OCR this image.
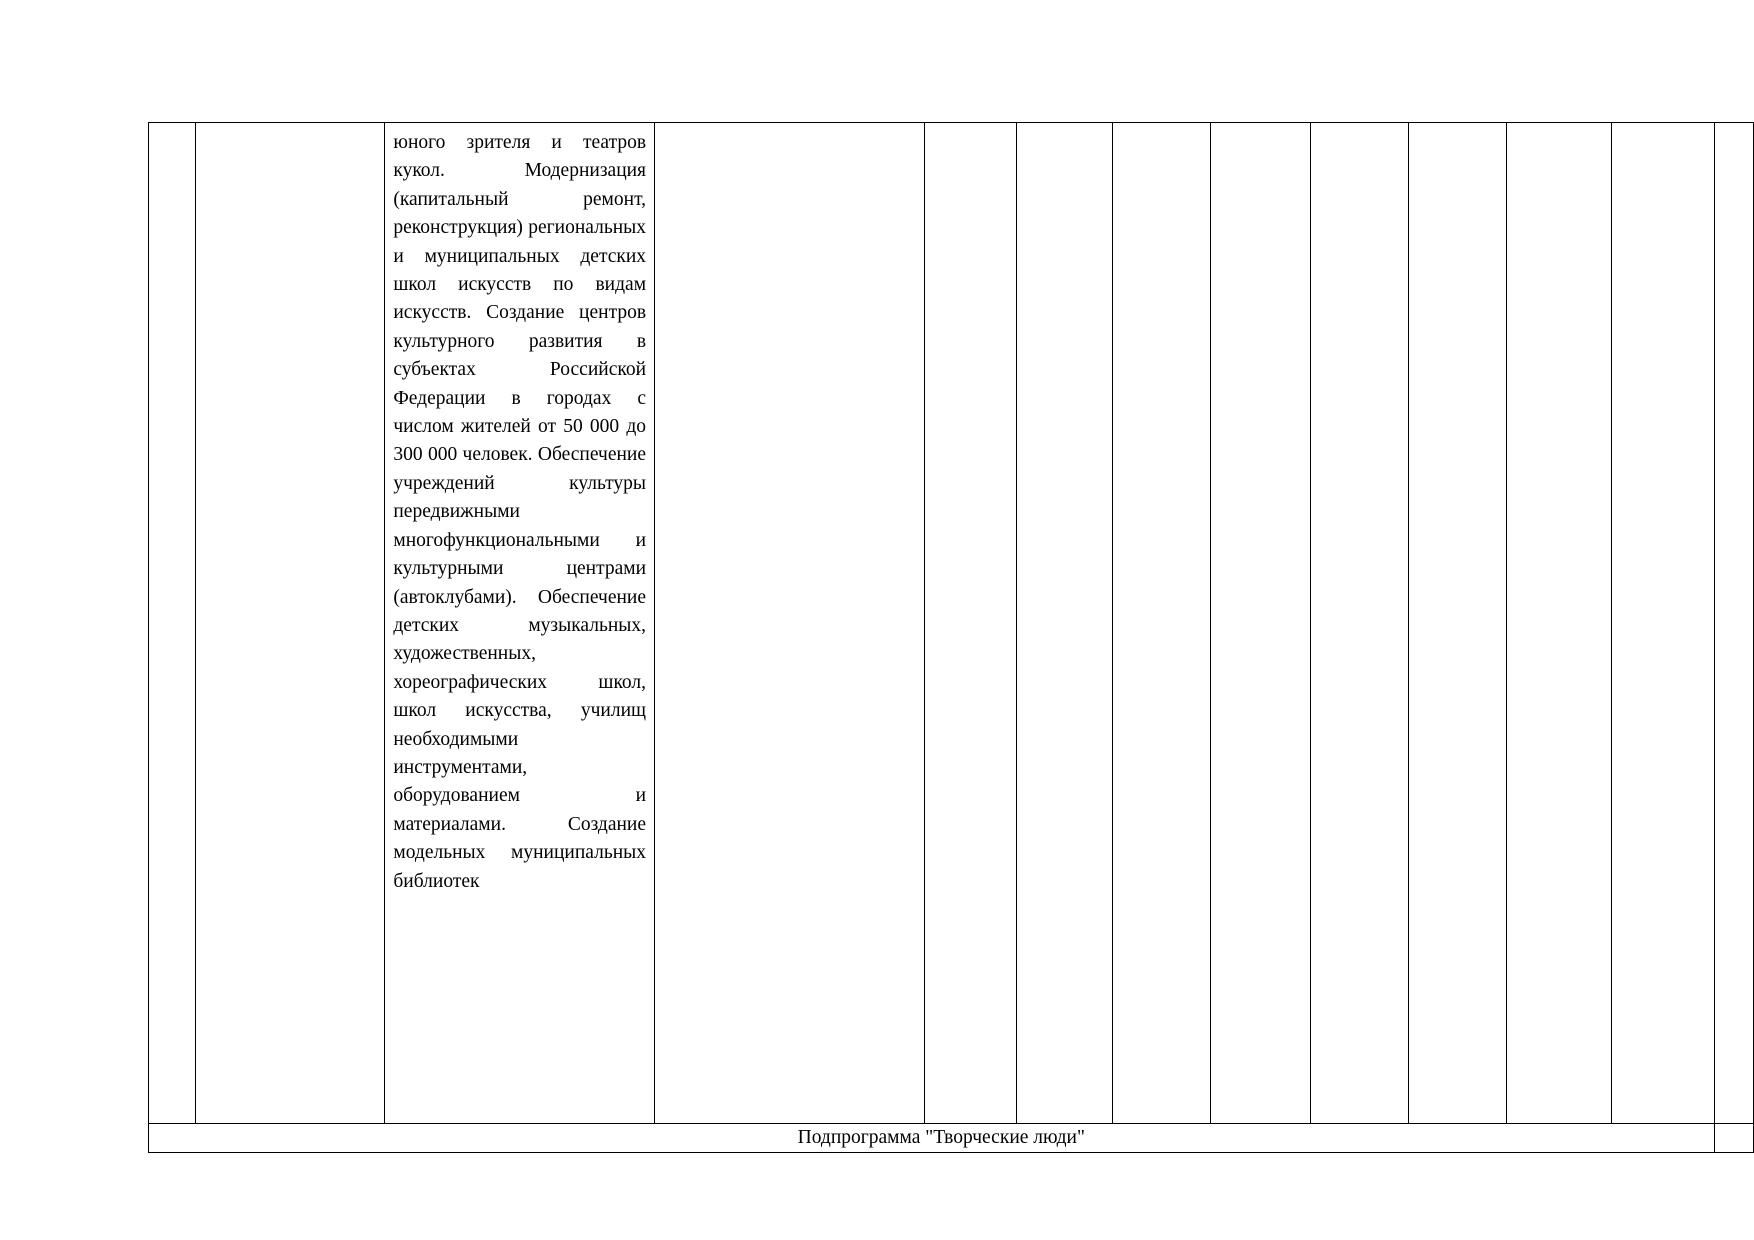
		юного зрителя и театров кукол. Модернизация (капитальный ремонт, реконструкция) региональных и муниципальных детских школ искусств по видам искусств. Создание центров культурного развития в субъектах Российской Федерации в городах с числом жителей от 50 000 до 300 000 человек. Обеспечение учреждений культуры передвижными многофункциональными и культурными центрами (автоклубами). Обеспечение детских музыкальных, художественных, хореографических школ, школ искусства, училищ необходимыми инструментами, оборудованием и материалами. Создание модельных муниципальных библиотек										

Подпрограмма "Творческие люди"												
